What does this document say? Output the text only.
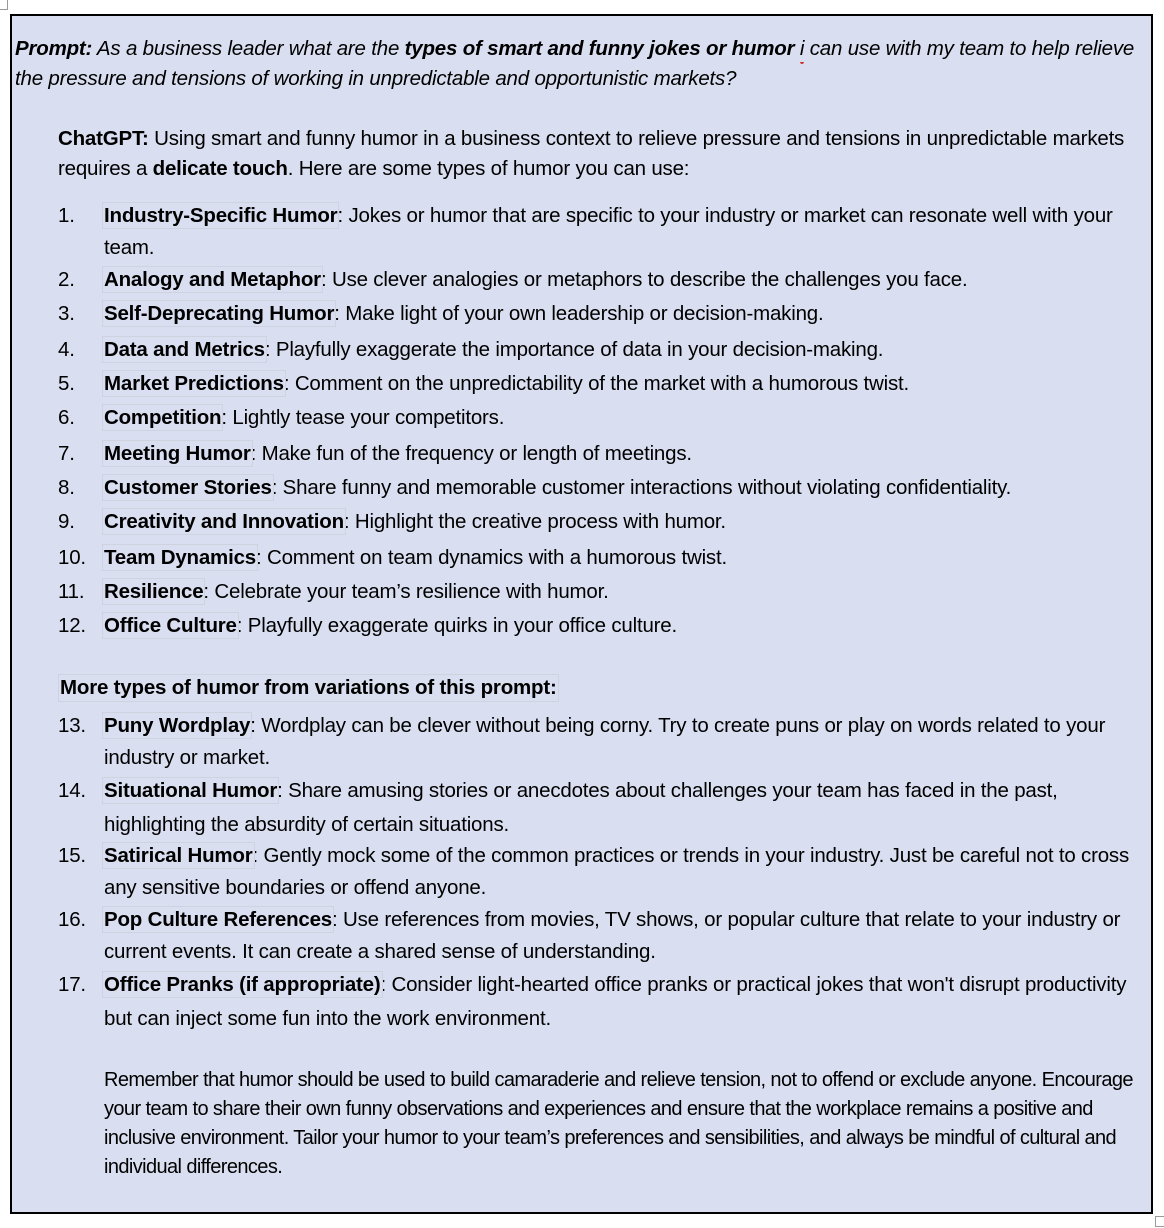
Prompt: As a business leader what are the types of smart and funny jokes or humor i can use with my team to help relieve the pressure and tensions of working in unpredictable and opportunistic markets?
ChatGPT: Using smart and funny humor in a business context to relieve pressure and tensions in unpredictable markets requires a delicate touch. Here are some types of humor you can use:
1. Industry-Specific Humor: Jokes or humor that are specific to your industry or market can resonate well with your team.
2. Analogy and Metaphor: Use clever analogies or metaphors to describe the challenges you face.
3. Self-Deprecating Humor: Make light of your own leadership or decision-making.
4. Data and Metrics: Playfully exaggerate the importance of data in your decision-making.
5. Market Predictions: Comment on the unpredictability of the market with a humorous twist.
6. Competition: Lightly tease your competitors.
7. Meeting Humor: Make fun of the frequency or length of meetings.
8. Customer Stories: Share funny and memorable customer interactions without violating confidentiality.
9. Creativity and Innovation: Highlight the creative process with humor.
10. Team Dynamics: Comment on team dynamics with a humorous twist.
11. Resilience: Celebrate your team’s resilience with humor.
12. Office Culture: Playfully exaggerate quirks in your office culture.
More types of humor from variations of this prompt:
13. Puny Wordplay: Wordplay can be clever without being corny. Try to create puns or play on words related to your industry or market.
14. Situational Humor: Share amusing stories or anecdotes about challenges your team has faced in the past, highlighting the absurdity of certain situations.
15. Satirical Humor: Gently mock some of the common practices or trends in your industry. Just be careful not to cross any sensitive boundaries or offend anyone.
16. Pop Culture References: Use references from movies, TV shows, or popular culture that relate to your industry or current events. It can create a shared sense of understanding.
17. Office Pranks (if appropriate): Consider light-hearted office pranks or practical jokes that won't disrupt productivity but can inject some fun into the work environment.
Remember that humor should be used to build camaraderie and relieve tension, not to offend or exclude anyone. Encourage your team to share their own funny observations and experiences and ensure that the workplace remains a positive and inclusive environment. Tailor your humor to your team’s preferences and sensibilities, and always be mindful of cultural and individual differences.
